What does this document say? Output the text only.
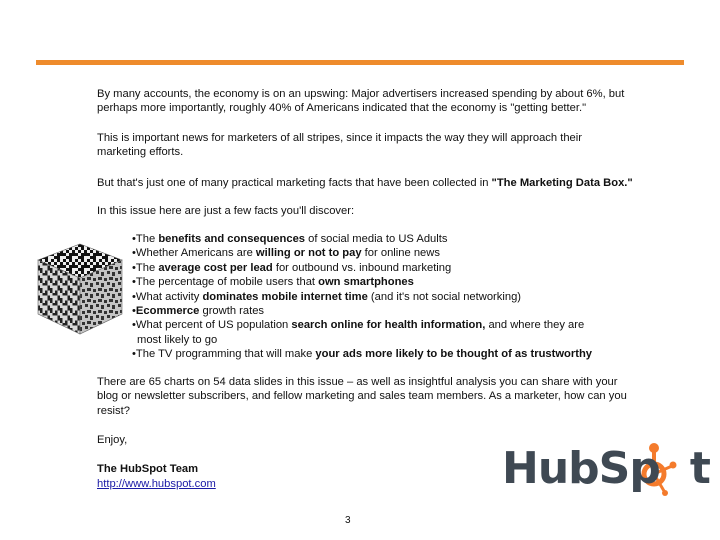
By many accounts, the economy is on an upswing: Major advertisers increased spending by about 6%, but
perhaps more importantly, roughly 40% of Americans indicated that the economy is "getting better."

This is important news for marketers of all stripes, since it impacts the way they will approach their
marketing efforts.

But that's just one of many practical marketing facts that have been collected in "The Marketing Data Box."

In this issue here are just a few facts you'll discover:

•The benefits and consequences of social media to US Adults
•Whether Americans are willing or not to pay for online news
•The average cost per lead for outbound vs. inbound marketing
•The percentage of mobile users that own smartphones
•What activity dominates mobile internet time (and it's not social networking)
•Ecommerce growth rates
•What percent of US population search online for health information, and where they are
most likely to go
•The TV programming that will make your ads more likely to be thought of as trustworthy

There are 65 charts on 54 data slides in this issue – as well as insightful analysis you can share with your
blog or newsletter subscribers, and fellow marketing and sales team members. As a marketer, how can you
resist?

Enjoy,

The HubSpot Team

http://www.hubspot.com
3
HubSp t
